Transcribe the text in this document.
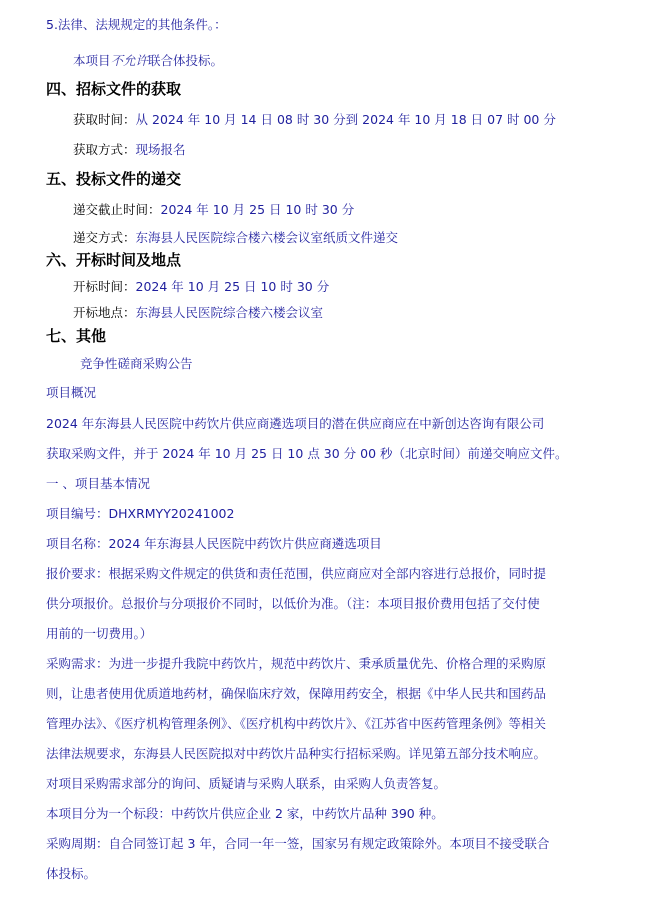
5.法律、法规规定的其他条件。：
本项目不允许联合体投标。
四、招标文件的获取
获取时间：从 2024 年 10 月 14 日 08 时 30 分到 2024 年 10 月 18 日 07 时 00 分
获取方式：现场报名
五、投标文件的递交
递交截止时间：2024 年 10 月 25 日 10 时 30 分
递交方式：东海县人民医院综合楼六楼会议室纸质文件递交
六、开标时间及地点
开标时间：2024 年 10 月 25 日 10 时 30 分
开标地点：东海县人民医院综合楼六楼会议室
七、其他
竞争性磋商采购公告
项目概况
2024 年东海县人民医院中药饮片供应商遴选项目的潜在供应商应在中新创达咨询有限公司
获取采购文件，并于 2024 年 10 月 25 日 10 点 30 分 00 秒（北京时间）前递交响应文件。
一 、项目基本情况
项目编号：DHXRMYY20241002
项目名称：2024 年东海县人民医院中药饮片供应商遴选项目
报价要求：根据采购文件规定的供货和责任范围，供应商应对全部内容进行总报价，同时提
供分项报价。总报价与分项报价不同时，以低价为准。（注：本项目报价费用包括了交付使
用前的一切费用。）
采购需求：为进一步提升我院中药饮片，规范中药饮片、秉承质量优先、价格合理的采购原
则，让患者使用优质道地药材，确保临床疗效，保障用药安全，根据《中华人民共和国药品
管理办法》、《医疗机构管理条例》、《医疗机构中药饮片》、《江苏省中医药管理条例》等相关
法律法规要求，东海县人民医院拟对中药饮片品种实行招标采购。详见第五部分技术响应。
对项目采购需求部分的询问、质疑请与采购人联系，由采购人负责答复。
本项目分为一个标段：中药饮片供应企业 2 家，中药饮片品种 390 种。
采购周期：自合同签订起 3 年，合同一年一签，国家另有规定政策除外。本项目不接受联合
体投标。
